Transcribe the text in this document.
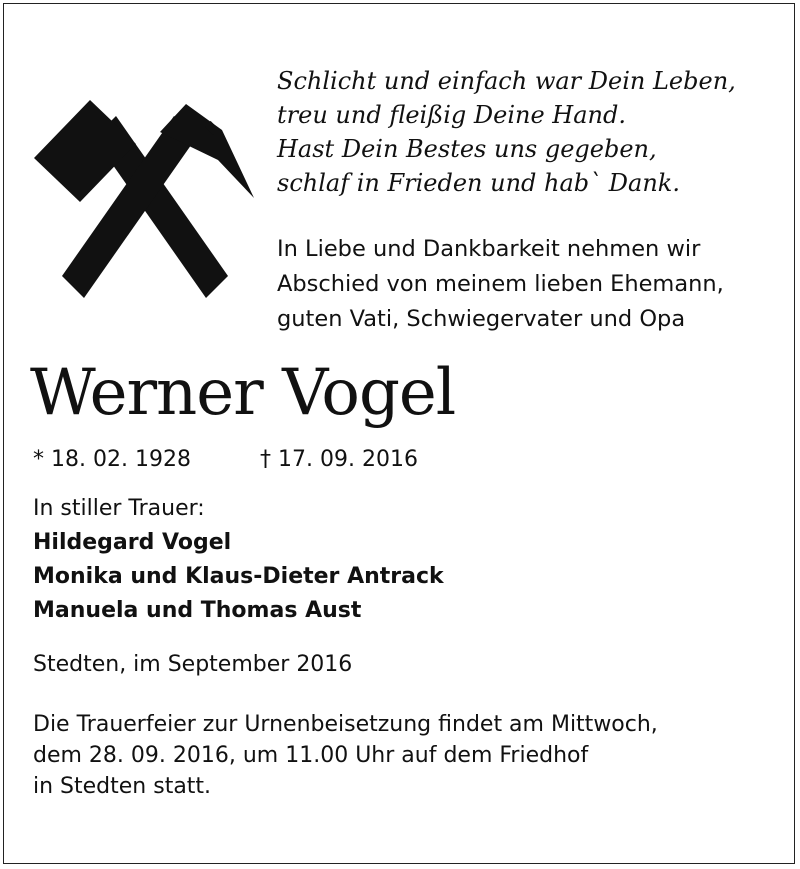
Schlicht und einfach war Dein Leben,
treu und fleißig Deine Hand.
Hast Dein Bestes uns gegeben,
schlaf in Frieden und hab` Dank.
In Liebe und Dankbarkeit nehmen wir
Abschied von meinem lieben Ehemann,
guten Vati, Schwiegervater und Opa
Werner Vogel
* 18. 02. 1928	† 17. 09. 2016
In stiller Trauer:
Hildegard Vogel
Monika und Klaus-Dieter Antrack
Manuela und Thomas Aust
Stedten, im September 2016
Die Trauerfeier zur Urnenbeisetzung findet am Mittwoch,
dem 28. 09. 2016, um 11.00 Uhr auf dem Friedhof
in Stedten statt.
